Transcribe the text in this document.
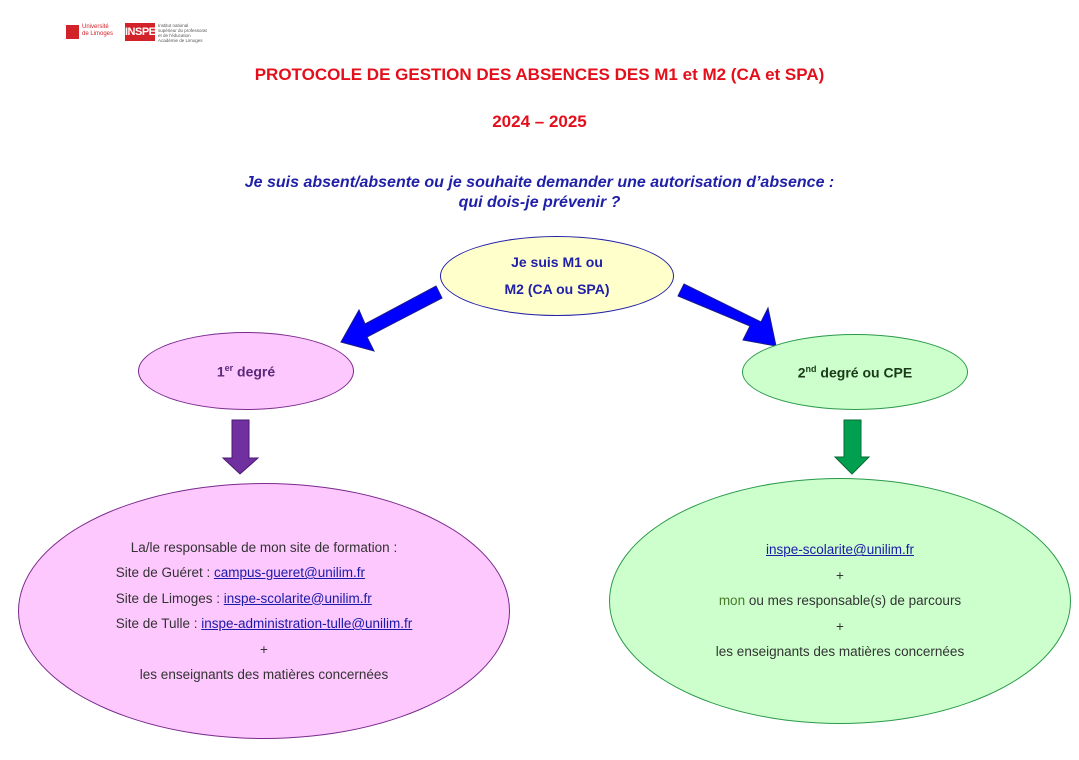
Université
de Limoges	INSPE
Institut national
supérieur du professorat
et de l'éducation
Académie de Limoges
PROTOCOLE DE GESTION DES ABSENCES DES M1 et M2 (CA et SPA)
2024 – 2025
Je suis absent/absente ou je souhaite demander une autorisation d’absence :
qui dois-je prévenir ?
Je suis M1 ou
M2 (CA ou SPA)
1er degré	2nd degré ou CPE
La/le responsable de mon site de formation :
Site de Guéret : campus-gueret@unilim.fr
Site de Limoges : inspe-scolarite@unilim.fr
Site de Tulle : inspe-administration-tulle@unilim.fr
+
les enseignants des matières concernées
inspe-scolarite@unilim.fr
+
mon ou mes responsable(s) de parcours
+
les enseignants des matières concernées
